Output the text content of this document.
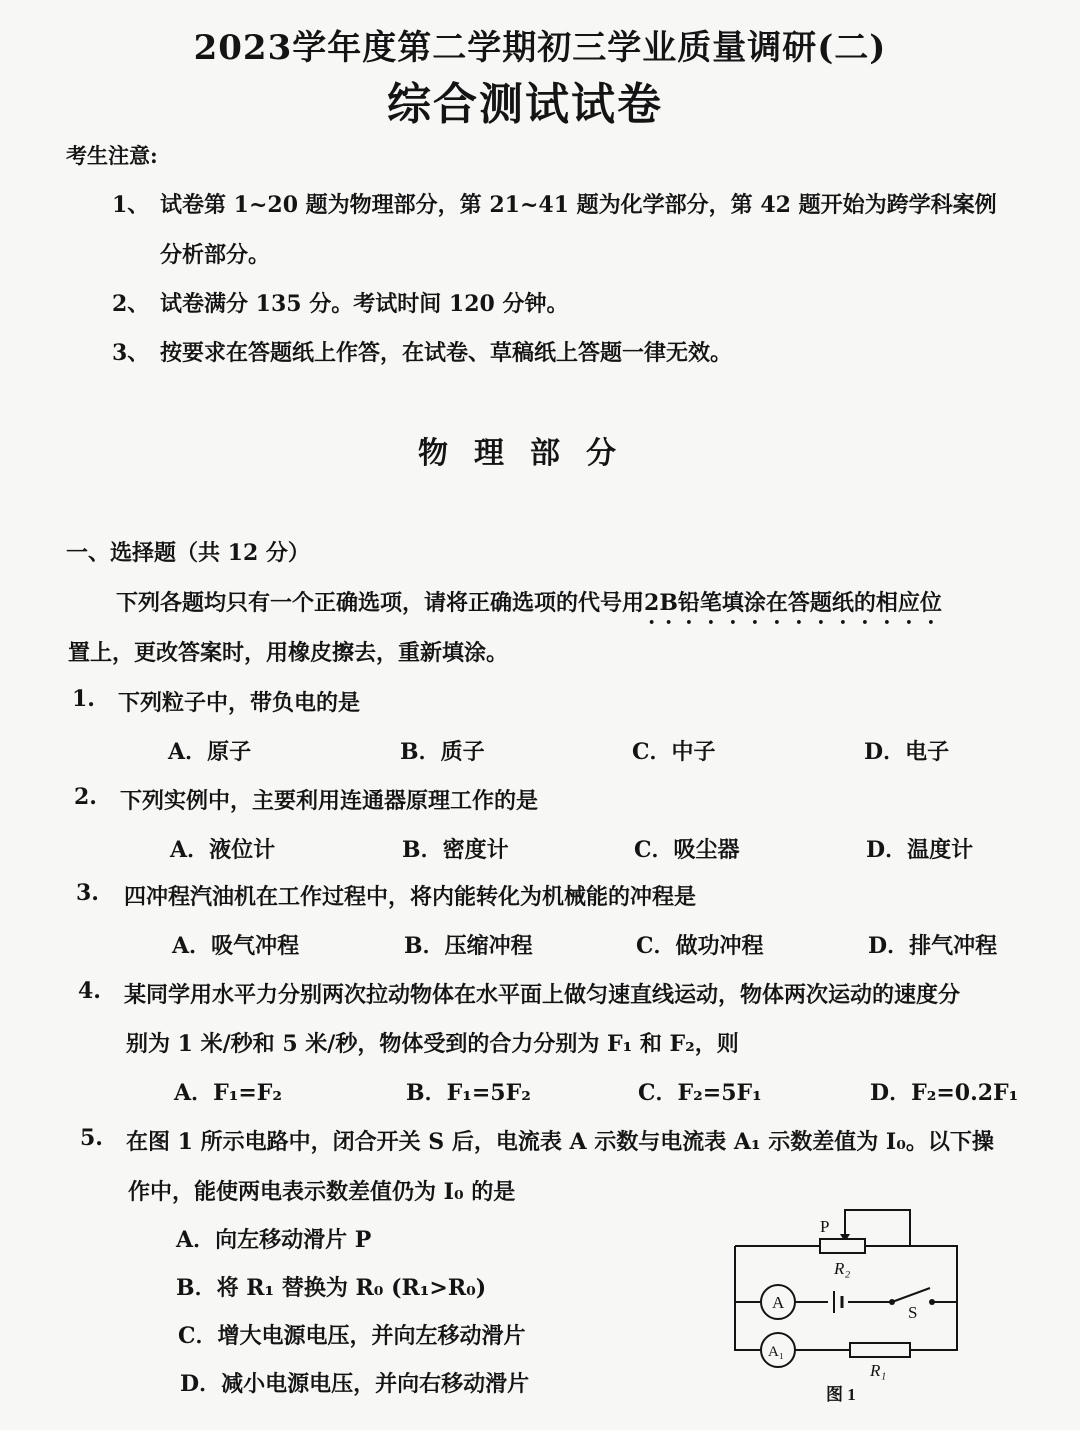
2023学年度第二学期初三学业质量调研(二)
综合测试试卷
考生注意:
1、 试卷第 1~20 题为物理部分，第 21~41 题为化学部分，第 42 题开始为跨学科案例
分析部分。
2、 试卷满分 135 分。考试时间 120 分钟。
3、 按要求在答题纸上作答，在试卷、草稿纸上答题一律无效。
物理部分
一、选择题（共 12 分）
下列各题均只有一个正确选项，请将正确选项的代号用2B铅笔填涂在答题纸的相应位
置上，更改答案时，用橡皮擦去，重新填涂。
1. 下列粒子中，带负电的是
A．原子	B．质子	C．中子	D．电子
2. 下列实例中，主要利用连通器原理工作的是
A．液位计	B．密度计	C．吸尘器	D．温度计
3. 四冲程汽油机在工作过程中，将内能转化为机械能的冲程是
A．吸气冲程	B．压缩冲程	C．做功冲程	D．排气冲程
4. 某同学用水平力分别两次拉动物体在水平面上做匀速直线运动，物体两次运动的速度分
别为 1 米/秒和 5 米/秒，物体受到的合力分别为 F₁ 和 F₂，则
A．F₁=F₂	B．F₁=5F₂	C．F₂=5F₁	D．F₂=0.2F₁
5. 在图 1 所示电路中，闭合开关 S 后，电流表 A 示数与电流表 A₁ 示数差值为 I₀。以下操
作中，能使两电表示数差值仍为 I₀ 的是
A．向左移动滑片 P
B．将 R₁ 替换为 R₀ (R₁>R₀)
C．增大电源电压，并向左移动滑片
D．减小电源电压，并向右移动滑片
P
R₂
A
A₁
S
R₁
图 1
